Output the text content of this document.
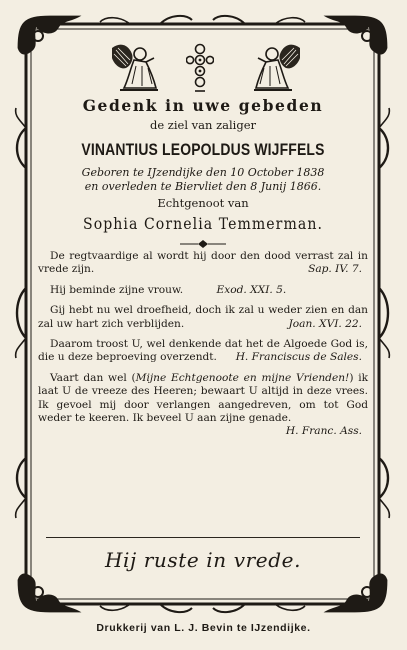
Gedenk in uwe gebeden
de ziel van zaliger
VINANTIUS LEOPOLDUS WIJFFELS
Geboren te IJzendijke den 10 October 1838
en overleden te Biervliet den 8 Junij 1866.
Echtgenoot van
Sophia Cornelia Temmerman.
De regtvaardige al wordt hij door den dood verrast zal in vrede zijn.	Sap. IV. 7.
Hij beminde zijne vrouw.	Exod. XXI. 5.
Gij hebt nu wel droefheid, doch ik zal u weder zien en dan zal uw hart zich verblijden.	Joan. XVI. 22.
Daarom troost U, wel denkende dat het de Algoede God is, die u deze beproeving overzendt. H. Franciscus de Sales.
Vaart dan wel (Mijne Echtgenoote en mijne Vrienden!) ik laat U de vreeze des Heeren; bewaart U altijd in deze vrees. Ik gevoel mij door verlangen aangedreven, om tot God weder te keeren. Ik beveel U aan zijne genade.
H. Franc. Ass.
Hij ruste in vrede.
Drukkerij van L. J. Bevin te IJzendijke.
